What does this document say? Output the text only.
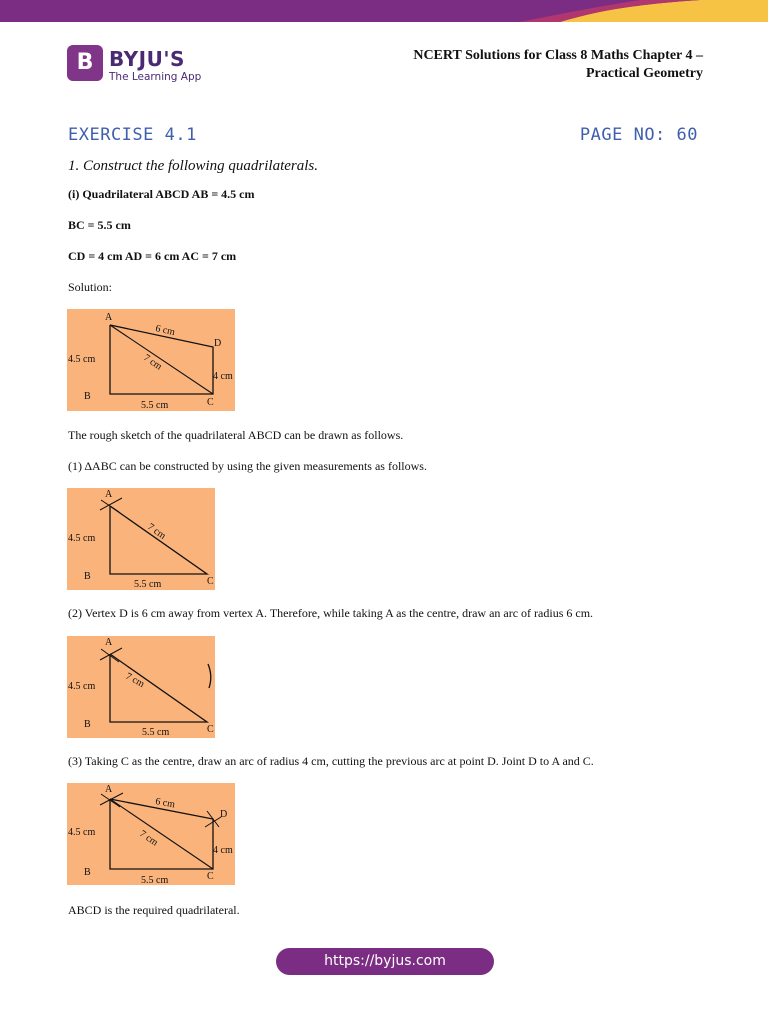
B BYJU'S
The Learning App
NCERT Solutions for Class 8 Maths Chapter 4 –
Practical Geometry
EXERCISE 4.1	PAGE NO: 60
1. Construct the following quadrilaterals.
(i) Quadrilateral ABCD AB = 4.5 cm
BC = 5.5 cm
CD = 4 cm AD = 6 cm AC = 7 cm
Solution:
A
D
B
C
4.5 cm
6 cm
7 cm
4 cm
5.5 cm
The rough sketch of the quadrilateral ABCD can be drawn as follows.
(1) ΔABC can be constructed by using the given measurements as follows.
A
B	C
4.5 cm	7 cm
5.5 cm
(2) Vertex D is 6 cm away from vertex A. Therefore, while taking A as the centre, draw an arc of radius 6 cm.
A
B	C
4.5 cm	7 cm
5.5 cm
(3) Taking C as the centre, draw an arc of radius 4 cm, cutting the previous arc at point D. Joint D to A and C.
A
D
B	C
4.5 cm
6 cm
7 cm
4 cm
5.5 cm
ABCD is the required quadrilateral.
https://byjus.com
